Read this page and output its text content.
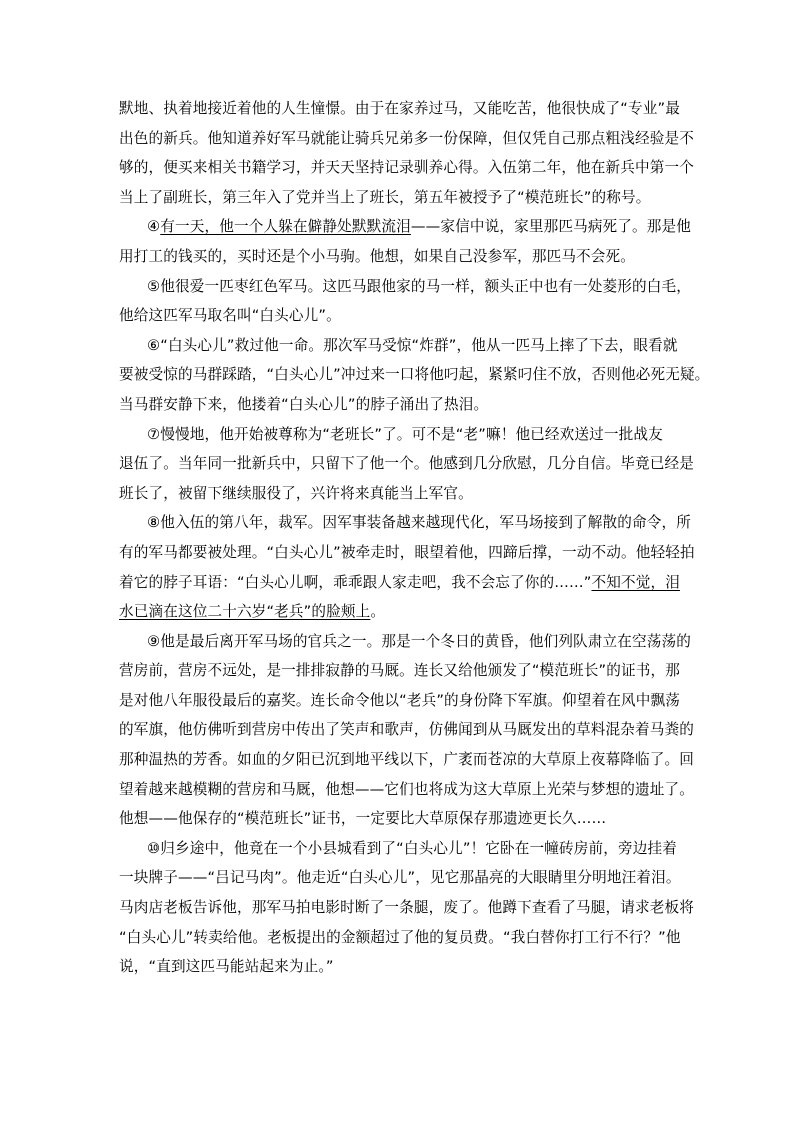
默地、执着地接近着他的人生憧憬。由于在家养过马，又能吃苦，他很快成了“专业”最
出色的新兵。他知道养好军马就能让骑兵兄弟多一份保障，但仅凭自己那点粗浅经验是不
够的，便买来相关书籍学习，并天天坚持记录驯养心得。入伍第二年，他在新兵中第一个
当上了副班长，第三年入了党并当上了班长，第五年被授予了“模范班长”的称号。
④有一天，他一个人躲在僻静处默默流泪——家信中说，家里那匹马病死了。那是他
用打工的钱买的，买时还是个小马驹。他想，如果自己没参军，那匹马不会死。
⑤他很爱一匹枣红色军马。这匹马跟他家的马一样，额头正中也有一处菱形的白毛，
他给这匹军马取名叫“白头心儿”。
⑥“白头心儿”救过他一命。那次军马受惊“炸群”，他从一匹马上摔了下去，眼看就
要被受惊的马群踩踏，“白头心儿”冲过来一口将他叼起，紧紧叼住不放，否则他必死无疑。
当马群安静下来，他搂着“白头心儿”的脖子涌出了热泪。
⑦慢慢地，他开始被尊称为“老班长”了。可不是“老”嘛！他已经欢送过一批战友
退伍了。当年同一批新兵中，只留下了他一个。他感到几分欣慰，几分自信。毕竟已经是
班长了，被留下继续服役了，兴许将来真能当上军官。
⑧他入伍的第八年，裁军。因军事装备越来越现代化，军马场接到了解散的命令，所
有的军马都要被处理。“白头心儿”被牵走时，眼望着他，四蹄后撑，一动不动。他轻轻拍
着它的脖子耳语：“白头心儿啊，乖乖跟人家走吧，我不会忘了你的……”不知不觉，泪
水已滴在这位二十六岁“老兵”的脸颊上。
⑨他是最后离开军马场的官兵之一。那是一个冬日的黄昏，他们列队肃立在空荡荡的
营房前，营房不远处，是一排排寂静的马厩。连长又给他颁发了“模范班长”的证书，那
是对他八年服役最后的嘉奖。连长命令他以“老兵”的身份降下军旗。仰望着在风中飘荡
的军旗，他仿佛听到营房中传出了笑声和歌声，仿佛闻到从马厩发出的草料混杂着马粪的
那种温热的芳香。如血的夕阳已沉到地平线以下，广袤而苍凉的大草原上夜幕降临了。回
望着越来越模糊的营房和马厩，他想——它们也将成为这大草原上光荣与梦想的遗址了。
他想——他保存的“模范班长”证书，一定要比大草原保存那遗迹更长久……
⑩归乡途中，他竟在一个小县城看到了“白头心儿”！它卧在一幢砖房前，旁边挂着
一块牌子——“吕记马肉”。他走近“白头心儿”，见它那晶亮的大眼睛里分明地汪着泪。
马肉店老板告诉他，那军马拍电影时断了一条腿，废了。他蹲下查看了马腿，请求老板将
“白头心儿”转卖给他。老板提出的金额超过了他的复员费。“我白替你打工行不行？”他
说，“直到这匹马能站起来为止。”
